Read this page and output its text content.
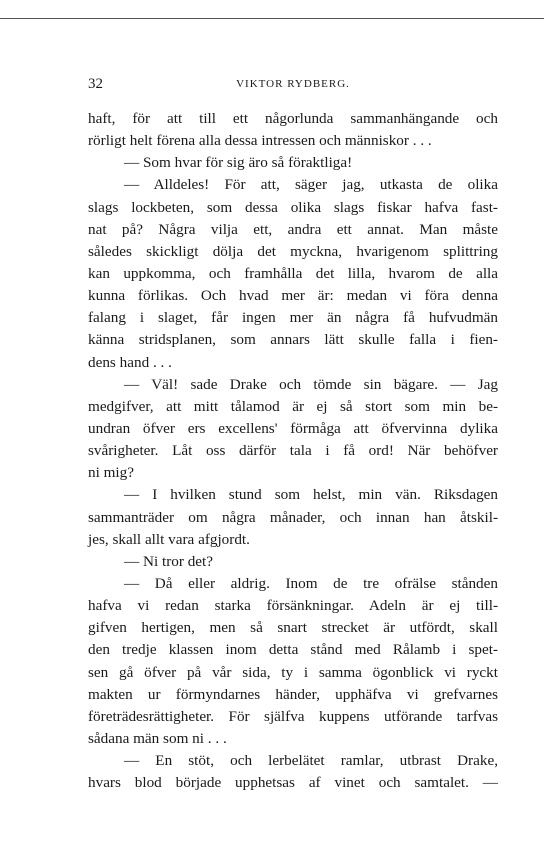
32	VIKTOR RYDBERG.
haft, för att till ett någorlunda sammanhängande och
rörligt helt förena alla dessa intressen och människor . . .
— Som hvar för sig äro så föraktliga!
— Alldeles! För att, säger jag, utkasta de olika
slags lockbeten, som dessa olika slags fiskar hafva fast-
nat på? Några vilja ett, andra ett annat. Man måste
således skickligt dölja det myckna, hvarigenom splittring
kan uppkomma, och framhålla det lilla, hvarom de alla
kunna förlikas. Och hvad mer är: medan vi föra denna
falang i slaget, får ingen mer än några få hufvudmän
känna stridsplanen, som annars lätt skulle falla i fien-
dens hand . . .
— Väl! sade Drake och tömde sin bägare. — Jag
medgifver, att mitt tålamod är ej så stort som min be-
undran öfver ers excellens' förmåga att öfvervinna dylika
svårigheter. Låt oss därför tala i få ord! När behöfver
ni mig?
— I hvilken stund som helst, min vän. Riksdagen
sammanträder om några månader, och innan han åtskil-
jes, skall allt vara afgjordt.
— Ni tror det?
— Då eller aldrig. Inom de tre ofrälse stånden
hafva vi redan starka försänkningar. Adeln är ej till-
gifven hertigen, men så snart strecket är utfördt, skall
den tredje klassen inom detta stånd med Rålamb i spet-
sen gå öfver på vår sida, ty i samma ögonblick vi ryckt
makten ur förmyndarnes händer, upphäfva vi grefvarnes
företrädesrättigheter. För själfva kuppens utförande tarfvas
sådana män som ni . . .
— En stöt, och lerbelätet ramlar, utbrast Drake,
hvars blod började upphetsas af vinet och samtalet. —
